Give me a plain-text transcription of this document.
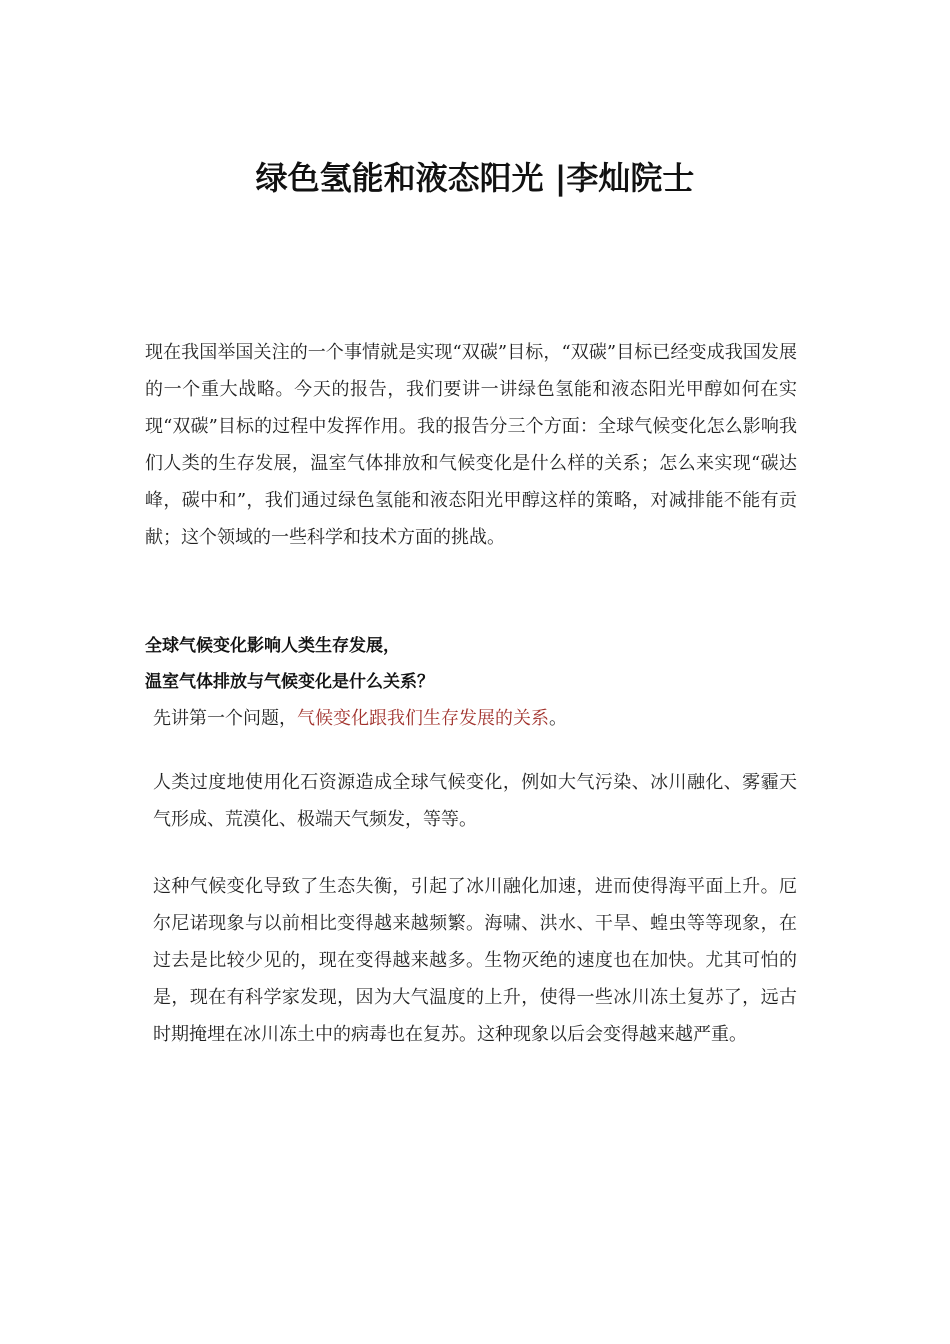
绿色氢能和液态阳光 |李灿院士

现在我国举国关注的一个事情就是实现“双碳”目标，“双碳”目标已经变成我国发展的一个重大战略。今天的报告，我们要讲一讲绿色氢能和液态阳光甲醇如何在实现“双碳”目标的过程中发挥作用。我的报告分三个方面：全球气候变化怎么影响我们人类的生存发展，温室气体排放和气候变化是什么样的关系；怎么来实现“碳达峰，碳中和”，我们通过绿色氢能和液态阳光甲醇这样的策略，对减排能不能有贡献；这个领域的一些科学和技术方面的挑战。

全球气候变化影响人类生存发展，

温室气体排放与气候变化是什么关系？

先讲第一个问题，气候变化跟我们生存发展的关系。

人类过度地使用化石资源造成全球气候变化，例如大气污染、冰川融化、雾霾天气形成、荒漠化、极端天气频发，等等。

这种气候变化导致了生态失衡，引起了冰川融化加速，进而使得海平面上升。厄尔尼诺现象与以前相比变得越来越频繁。海啸、洪水、干旱、蝗虫等等现象，在过去是比较少见的，现在变得越来越多。生物灭绝的速度也在加快。尤其可怕的是，现在有科学家发现，因为大气温度的上升，使得一些冰川冻土复苏了，远古时期掩埋在冰川冻土中的病毒也在复苏。这种现象以后会变得越来越严重。
